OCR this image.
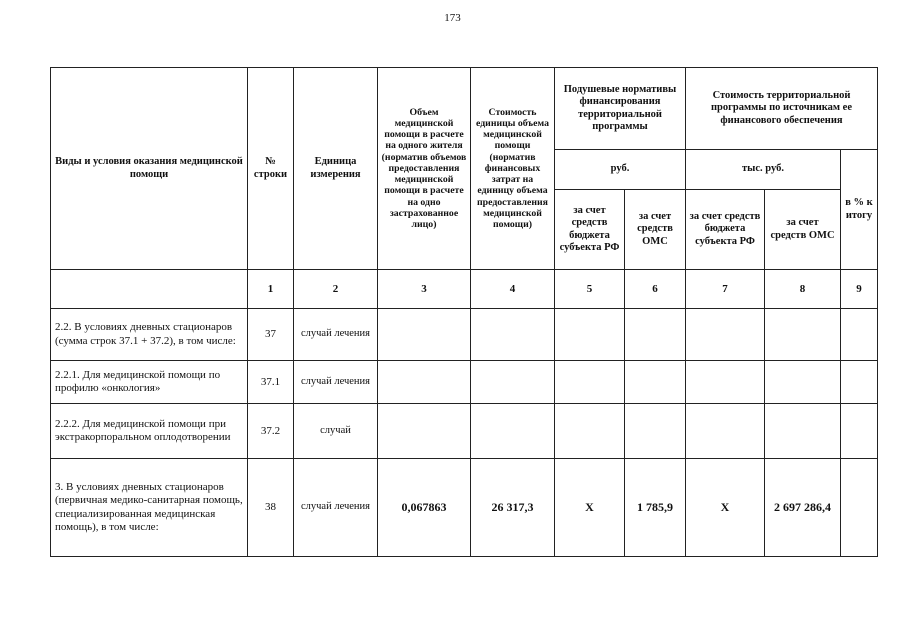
173
Виды и условия оказания медицинской помощи	№ строки	Единица измерения	Объем медицинской помощи в расчете на одного жителя (норматив объемов предоставления медицинской помощи в расчете на одно застрахованное лицо)	Стоимость единицы объема медицинской помощи (норматив финансовых затрат на единицу объема предоставления медицинской помощи)	Подушевые нормативы финансирования территориальной программы		Стоимость территориальной программы по источникам ее финансового обеспечения		
					руб.		тыс. руб.		в % к итогу
					за счет средств бюджета субъекта РФ	за счет средств ОМС	за счет средств бюджета субъекта РФ	за счет средств ОМС	
	1	2	3	4	5	6	7	8	9
2.2. В условиях дневных стационаров (сумма строк 37.1 + 37.2), в том числе:	37	случай лечения							
2.2.1. Для медицинской помощи по профилю «онкология»	37.1	случай лечения							
2.2.2. Для медицинской помощи при экстракорпоральном оплодотворении	37.2	случай							
3. В условиях дневных стационаров (первичная медико-санитарная помощь, специализированная медицинская помощь), в том числе:	38	случай лечения	0,067863	26 317,3	Х	1 785,9	Х	2 697 286,4	
